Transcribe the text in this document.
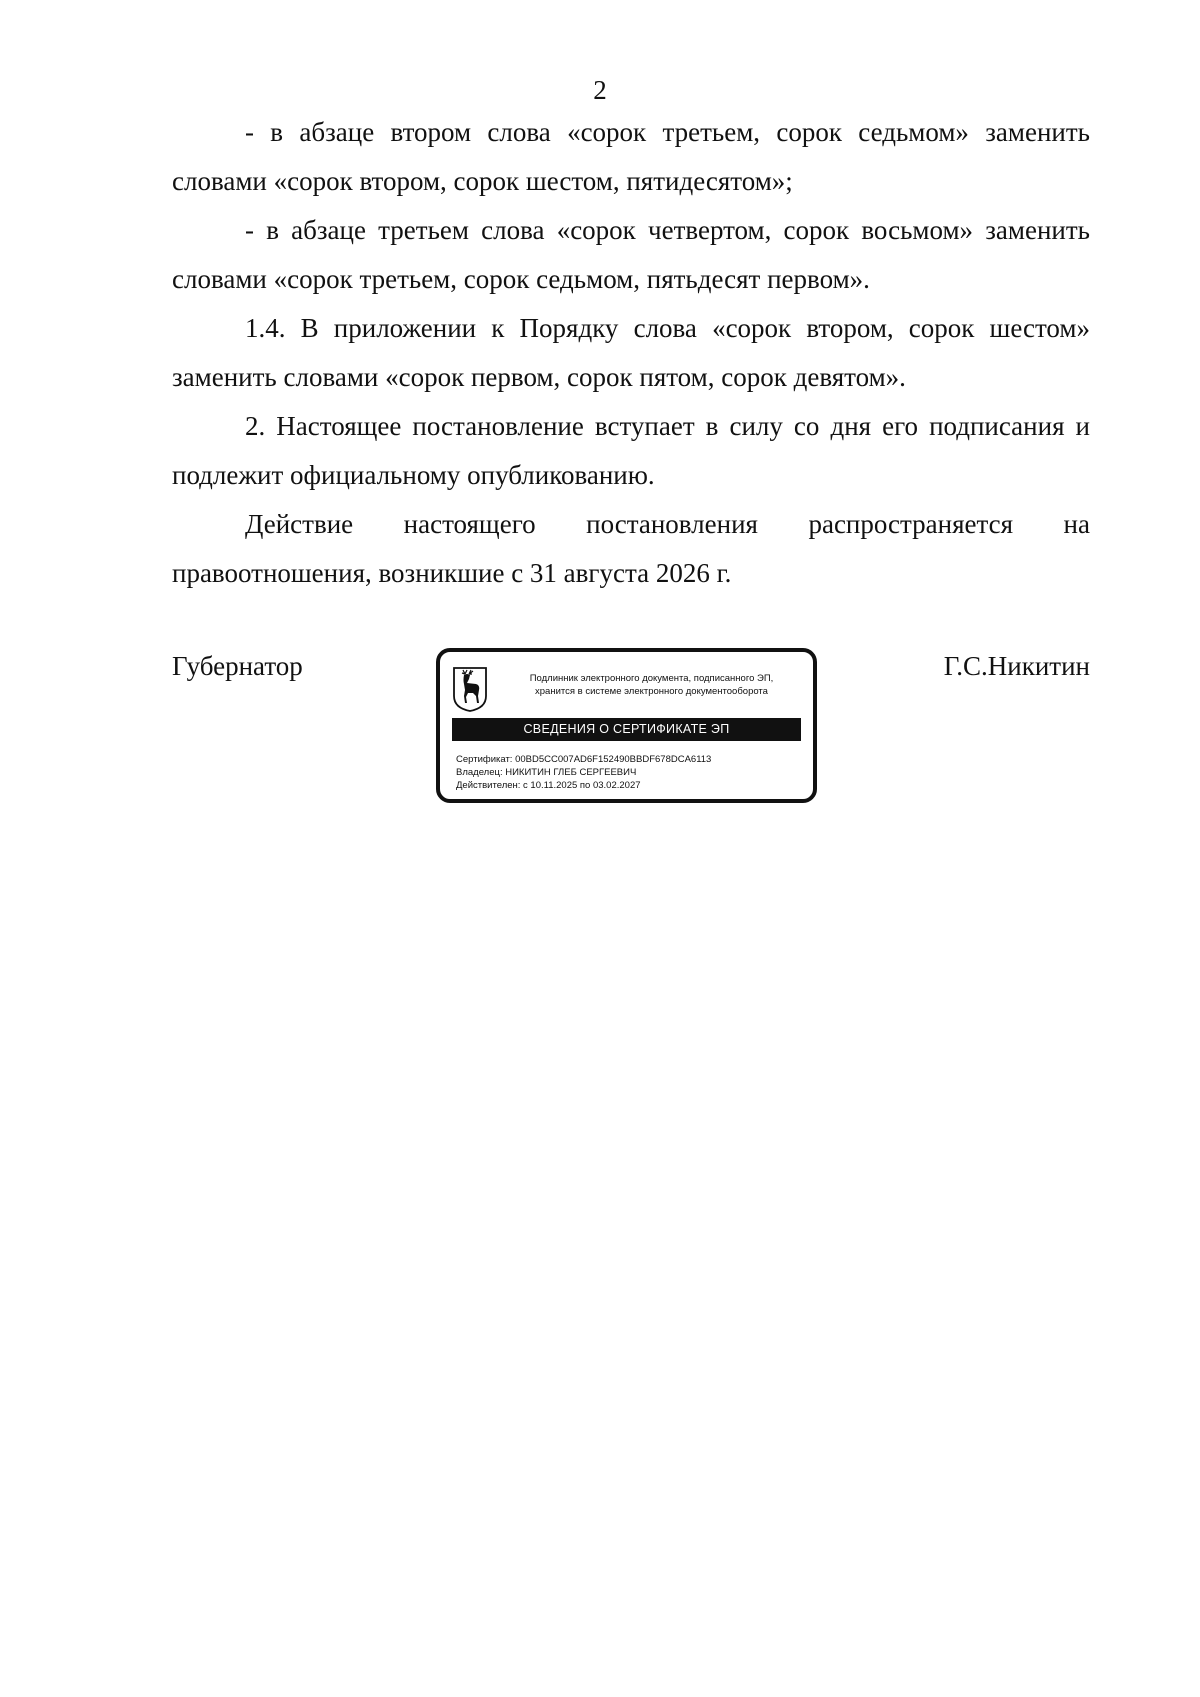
2

- в абзаце втором слова «сорок третьем, сорок седьмом» заменить словами «сорок втором, сорок шестом, пятидесятом»;

- в абзаце третьем слова «сорок четвертом, сорок восьмом» заменить словами «сорок третьем, сорок седьмом, пятьдесят первом».

1.4. В приложении к Порядку слова «сорок втором, сорок шестом» заменить словами «сорок первом, сорок пятом, сорок девятом».

2. Настоящее постановление вступает в силу со дня его подписания и подлежит официальному опубликованию.

Действие настоящего постановления распространяется на
правоотношения, возникшие с 31 августа 2026 г.

Губернатор	Г.С.Никитин
Подлинник электронного документа, подписанного ЭП,
хранится в системе электронного документооборота
СВЕДЕНИЯ О СЕРТИФИКАТЕ ЭП
Сертификат: 00BD5CC007AD6F152490BBDF678DCA6113
Владелец: НИКИТИН ГЛЕБ СЕРГЕЕВИЧ
Действителен: с 10.11.2025 по 03.02.2027
